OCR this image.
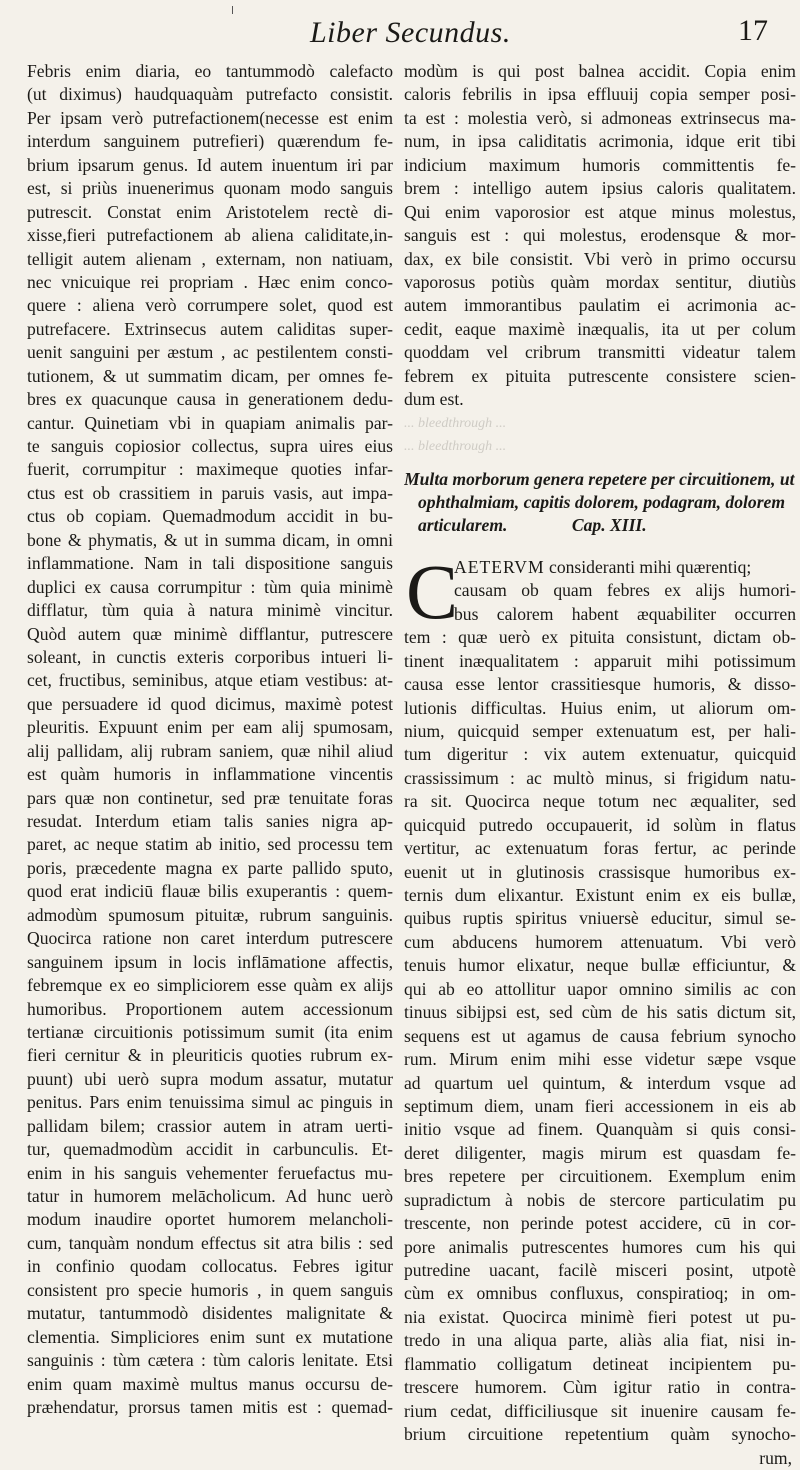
Liber Secundus.	17
Febris enim diaria, eo tantummodò calefacto
(ut diximus) haudquaquàm putrefacto consistit.
Per ipsam verò putrefactionem(necesse est enim
interdum sanguinem putrefieri) quærendum fe-
brium ipsarum genus. Id autem inuentum iri par
est, si priùs inuenerimus quonam modo sanguis
putrescit. Constat enim Aristotelem rectè di-
xisse,fieri putrefactionem ab aliena caliditate,in-
telligit autem alienam , externam, non natiuam,
nec vnicuique rei propriam . Hæc enim conco-
quere : aliena verò corrumpere solet, quod est
putrefacere. Extrinsecus autem caliditas super-
uenit sanguini per æstum , ac pestilentem consti-
tutionem, & ut summatim dicam, per omnes fe-
bres ex quacunque causa in generationem dedu-
cantur. Quinetiam vbi in quapiam animalis par-
te sanguis copiosior collectus, supra uires eius
fuerit, corrumpitur : maximeque quoties infar-
ctus est ob crassitiem in paruis vasis, aut impa-
ctus ob copiam. Quemadmodum accidit in bu-
bone & phymatis, & ut in summa dicam, in omni
inflammatione. Nam in tali dispositione sanguis
duplici ex causa corrumpitur : tùm quia minimè
difflatur, tùm quia à natura minimè vincitur.
Quòd autem quæ minimè difflantur, putrescere
soleant, in cunctis exteris corporibus intueri li-
cet, fructibus, seminibus, atque etiam vestibus: at-
que persuadere id quod dicimus, maximè potest
pleuritis. Expuunt enim per eam alij spumosam,
alij pallidam, alij rubram saniem, quæ nihil aliud
est quàm humoris in inflammatione vincentis
pars quæ non continetur, sed præ tenuitate foras
resudat. Interdum etiam talis sanies nigra ap-
paret, ac neque statim ab initio, sed processu tem
poris, præcedente magna ex parte pallido sputo,
quod erat indiciū flauæ bilis exuperantis : quem-
admodùm spumosum pituitæ, rubrum sanguinis.
Quocirca ratione non caret interdum putrescere
sanguinem ipsum in locis inflāmatione affectis,
febremque ex eo simpliciorem esse quàm ex alijs
humoribus. Proportionem autem accessionum
tertianæ circuitionis potissimum sumit (ita enim
fieri cernitur & in pleuriticis quoties rubrum ex-
puunt) ubi uerò supra modum assatur, mutatur
penitus. Pars enim tenuissima simul ac pinguis in
pallidam bilem; crassior autem in atram uerti-
tur, quemadmodùm accidit in carbunculis. Et-
enim in his sanguis vehementer feruefactus mu-
tatur in humorem melācholicum. Ad hunc uerò
modum inaudire oportet humorem melancholi-
cum, tanquàm nondum effectus sit atra bilis : sed
in confinio quodam collocatus. Febres igitur
consistent pro specie humoris , in quem sanguis
mutatur, tantummodò disidentes malignitate &
clementia. Simpliciores enim sunt ex mutatione
sanguinis : tùm cætera : tùm caloris lenitate. Etsi
enim quam maximè multus manus occursu de-
præhendatur, prorsus tamen mitis est : quemad-
modùm is qui post balnea accidit. Copia enim
caloris febrilis in ipsa effluuij copia semper posi-
ta est : molestia verò, si admoneas extrinsecus ma-
num, in ipsa caliditatis acrimonia, idque erit tibi
indicium maximum humoris committentis fe-
brem : intelligo autem ipsius caloris qualitatem.
Qui enim vaporosior est atque minus molestus,
sanguis est : qui molestus, erodensque & mor-
dax, ex bile consistit. Vbi verò in primo occursu
vaporosus potiùs quàm mordax sentitur, diutiùs
autem immorantibus paulatim ei acrimonia ac-
cedit, eaque maximè inæqualis, ita ut per colum
quoddam vel cribrum transmitti videatur talem
febrem ex pituita putrescente consistere scien-
dum est.
... bleedthrough ...
... bleedthrough ...
Multa morborum genera repetere per circuitionem, ut
ophthalmiam, capitis dolorem, podagram, dolorem
articularem.	Cap. XIII.
C
AETERVM consideranti mihi quærentiq;
causam ob quam febres ex alijs humori-
bus calorem habent æquabiliter occurren
tem : quæ uerò ex pituita consistunt, dictam ob-
tinent inæqualitatem : apparuit mihi potissimum
causa esse lentor crassitiesque humoris, & disso-
lutionis difficultas. Huius enim, ut aliorum om-
nium, quicquid semper extenuatum est, per hali-
tum digeritur : vix autem extenuatur, quicquid
crassissimum : ac multò minus, si frigidum natu-
ra sit. Quocirca neque totum nec æqualiter, sed
quicquid putredo occupauerit, id solùm in flatus
vertitur, ac extenuatum foras fertur, ac perinde
euenit ut in glutinosis crassisque humoribus ex-
ternis dum elixantur. Existunt enim ex eis bullæ,
quibus ruptis spiritus vniuersè educitur, simul se-
cum abducens humorem attenuatum. Vbi verò
tenuis humor elixatur, neque bullæ efficiuntur, &
qui ab eo attollitur uapor omnino similis ac con
tinuus sibijpsi est, sed cùm de his satis dictum sit,
sequens est ut agamus de causa febrium synocho
rum. Mirum enim mihi esse videtur sæpe vsque
ad quartum uel quintum, & interdum vsque ad
septimum diem, unam fieri accessionem in eis ab
initio vsque ad finem. Quanquàm si quis consi-
deret diligenter, magis mirum est quasdam fe-
bres repetere per circuitionem. Exemplum enim
supradictum à nobis de stercore particulatim pu
trescente, non perinde potest accidere, cū in cor-
pore animalis putrescentes humores cum his qui
putredine uacant, facilè misceri posint, utpotè
cùm ex omnibus confluxus, conspiratioq; in om-
nia existat. Quocirca minimè fieri potest ut pu-
tredo in una aliqua parte, aliàs alia fiat, nisi in-
flammatio colligatum detineat incipientem pu-
trescere humorem. Cùm igitur ratio in contra-
rium cedat, difficiliusque sit inuenire causam fe-
brium circuitione repetentium quàm synocho-
rum,
